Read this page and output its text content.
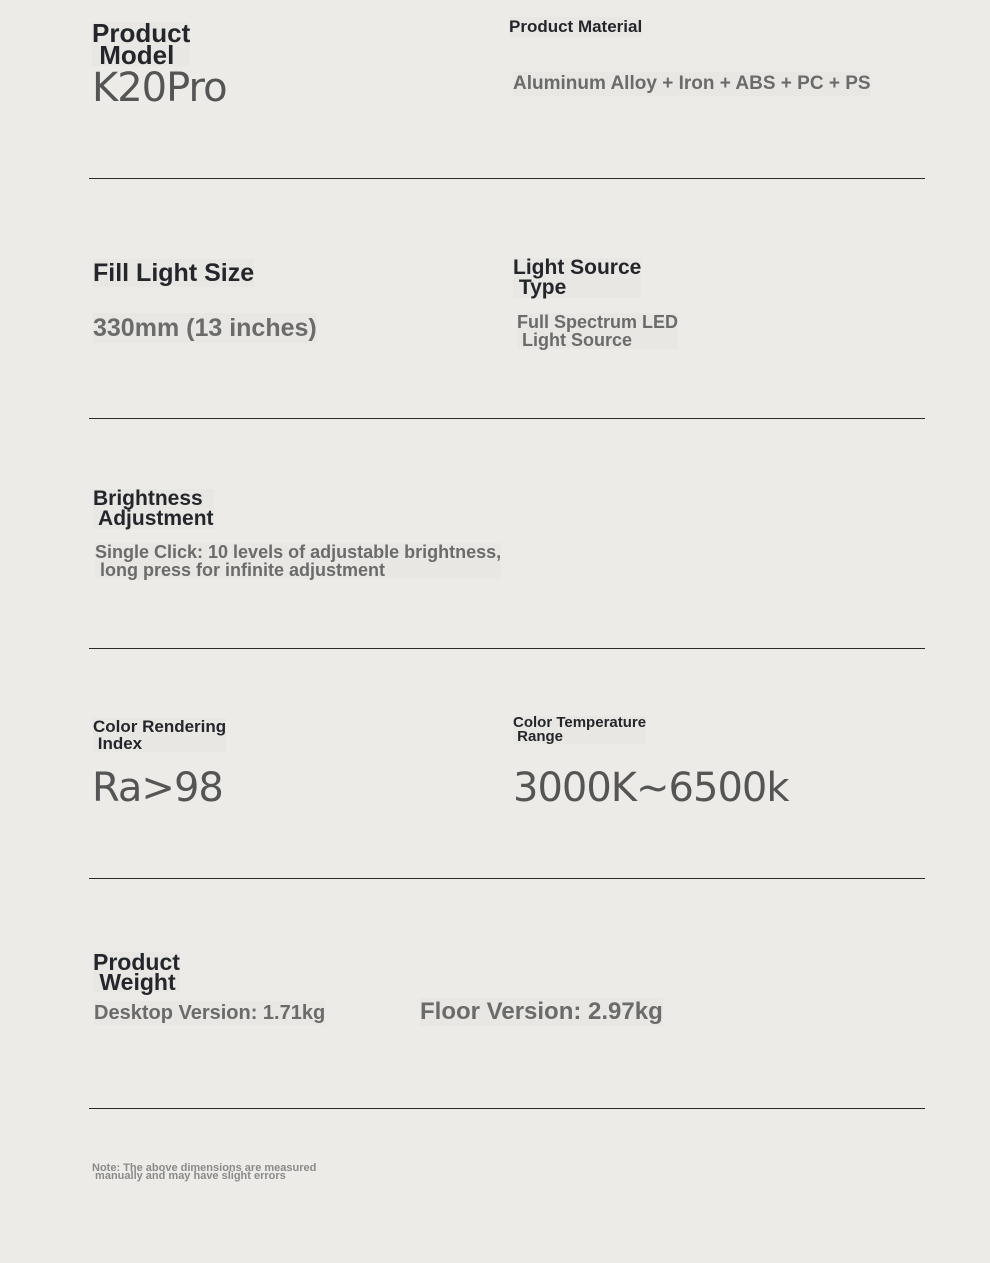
Product
Model
K20Pro
Product Material
Aluminum Alloy + Iron + ABS + PC + PS
Fill Light Size
330mm (13 inches)
Light Source
Type
Full Spectrum LED
Light Source
Brightness
Adjustment
Single Click: 10 levels of adjustable brightness,
long press for infinite adjustment
Color Rendering
Index
Ra>98
Color Temperature
Range
3000K~6500k
Product
Weight
Desktop Version: 1.71kg	Floor Version: 2.97kg
Note: The above dimensions are measured
manually and may have slight errors
